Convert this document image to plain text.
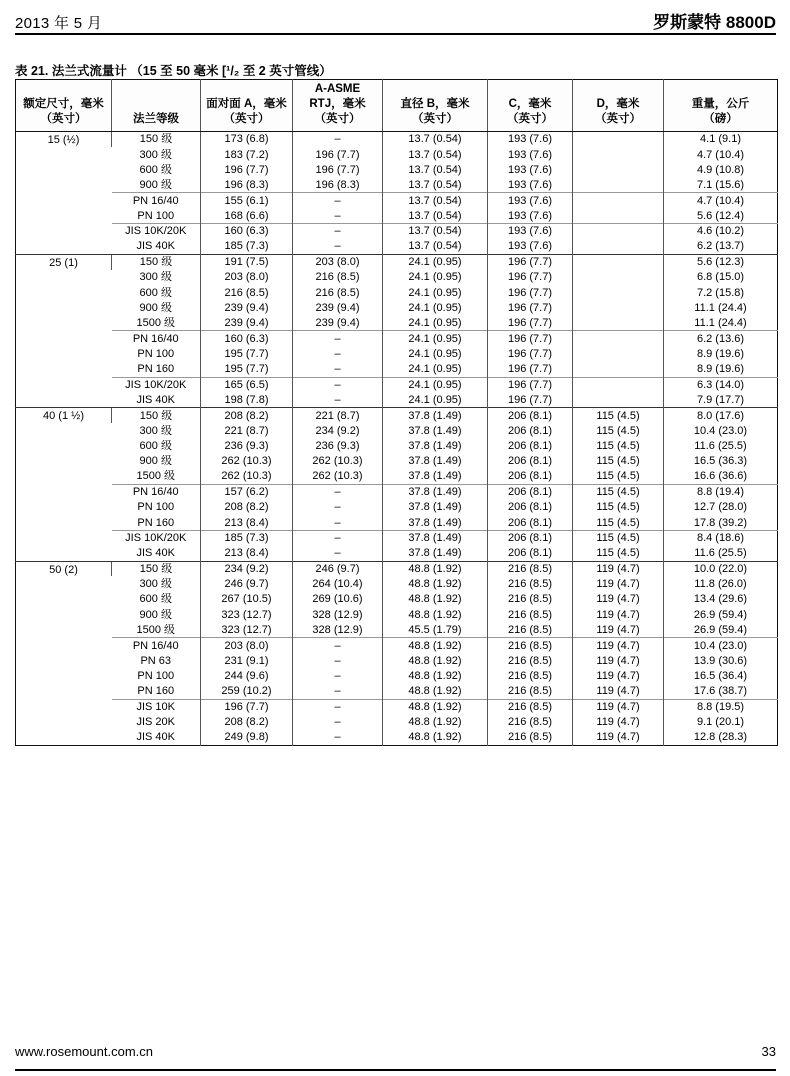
2013 年 5 月	罗斯蒙特 8800D
表 21. 法兰式流量计 （15 至 50 毫米 [¹/₂ 至 2 英寸管线）
额定尺寸，毫米
（英寸）	法兰等级	面对面 A，毫米
（英寸）	A-ASME
RTJ，毫米
（英寸）	直径 B，毫米
（英寸）	C，毫米
（英寸）	D，毫米
（英寸）	重量，公斤
（磅）
15 (½)	150 级	173 (6.8)	–	13.7 (0.54)	193 (7.6)		4.1 (9.1)
	300 级	183 (7.2)	196 (7.7)	13.7 (0.54)	193 (7.6)		4.7 (10.4)
	600 级	196 (7.7)	196 (7.7)	13.7 (0.54)	193 (7.6)		4.9 (10.8)
	900 级	196 (8.3)	196 (8.3)	13.7 (0.54)	193 (7.6)		7.1 (15.6)
	PN 16/40	155 (6.1)	–	13.7 (0.54)	193 (7.6)		4.7 (10.4)
	PN 100	168 (6.6)	–	13.7 (0.54)	193 (7.6)		5.6 (12.4)
	JIS 10K/20K	160 (6.3)	–	13.7 (0.54)	193 (7.6)		4.6 (10.2)
	JIS 40K	185 (7.3)	–	13.7 (0.54)	193 (7.6)		6.2 (13.7)
25 (1)	150 级	191 (7.5)	203 (8.0)	24.1 (0.95)	196 (7.7)		5.6 (12.3)
	300 级	203 (8.0)	216 (8.5)	24.1 (0.95)	196 (7.7)		6.8 (15.0)
	600 级	216 (8.5)	216 (8.5)	24.1 (0.95)	196 (7.7)		7.2 (15.8)
	900 级	239 (9.4)	239 (9.4)	24.1 (0.95)	196 (7.7)		11.1 (24.4)
	1500 级	239 (9.4)	239 (9.4)	24.1 (0.95)	196 (7.7)		11.1 (24.4)
	PN 16/40	160 (6.3)	–	24.1 (0.95)	196 (7.7)		6.2 (13.6)
	PN 100	195 (7.7)	–	24.1 (0.95)	196 (7.7)		8.9 (19.6)
	PN 160	195 (7.7)	–	24.1 (0.95)	196 (7.7)		8.9 (19.6)
	JIS 10K/20K	165 (6.5)	–	24.1 (0.95)	196 (7.7)		6.3 (14.0)
	JIS 40K	198 (7.8)	–	24.1 (0.95)	196 (7.7)		7.9 (17.7)
40 (1 ½)	150 级	208 (8.2)	221 (8.7)	37.8 (1.49)	206 (8.1)	115 (4.5)	8.0 (17.6)
	300 级	221 (8.7)	234 (9.2)	37.8 (1.49)	206 (8.1)	115 (4.5)	10.4 (23.0)
	600 级	236 (9.3)	236 (9.3)	37.8 (1.49)	206 (8.1)	115 (4.5)	11.6 (25.5)
	900 级	262 (10.3)	262 (10.3)	37.8 (1.49)	206 (8.1)	115 (4.5)	16.5 (36.3)
	1500 级	262 (10.3)	262 (10.3)	37.8 (1.49)	206 (8.1)	115 (4.5)	16.6 (36.6)
	PN 16/40	157 (6.2)	–	37.8 (1.49)	206 (8.1)	115 (4.5)	8.8 (19.4)
	PN 100	208 (8.2)	–	37.8 (1.49)	206 (8.1)	115 (4.5)	12.7 (28.0)
	PN 160	213 (8.4)	–	37.8 (1.49)	206 (8.1)	115 (4.5)	17.8 (39.2)
	JIS 10K/20K	185 (7.3)	–	37.8 (1.49)	206 (8.1)	115 (4.5)	8.4 (18.6)
	JIS 40K	213 (8.4)	–	37.8 (1.49)	206 (8.1)	115 (4.5)	11.6 (25.5)
50 (2)	150 级	234 (9.2)	246 (9.7)	48.8 (1.92)	216 (8.5)	119 (4.7)	10.0 (22.0)
	300 级	246 (9.7)	264 (10.4)	48.8 (1.92)	216 (8.5)	119 (4.7)	11.8 (26.0)
	600 级	267 (10.5)	269 (10.6)	48.8 (1.92)	216 (8.5)	119 (4.7)	13.4 (29.6)
	900 级	323 (12.7)	328 (12.9)	48.8 (1.92)	216 (8.5)	119 (4.7)	26.9 (59.4)
	1500 级	323 (12.7)	328 (12.9)	45.5 (1.79)	216 (8.5)	119 (4.7)	26.9 (59.4)
	PN 16/40	203 (8.0)	–	48.8 (1.92)	216 (8.5)	119 (4.7)	10.4 (23.0)
	PN 63	231 (9.1)	–	48.8 (1.92)	216 (8.5)	119 (4.7)	13.9 (30.6)
	PN 100	244 (9.6)	–	48.8 (1.92)	216 (8.5)	119 (4.7)	16.5 (36.4)
	PN 160	259 (10.2)	–	48.8 (1.92)	216 (8.5)	119 (4.7)	17.6 (38.7)
	JIS 10K	196 (7.7)	–	48.8 (1.92)	216 (8.5)	119 (4.7)	8.8 (19.5)
	JIS 20K	208 (8.2)	–	48.8 (1.92)	216 (8.5)	119 (4.7)	9.1 (20.1)
	JIS 40K	249 (9.8)	–	48.8 (1.92)	216 (8.5)	119 (4.7)	12.8 (28.3)
www.rosemount.com.cn	33
